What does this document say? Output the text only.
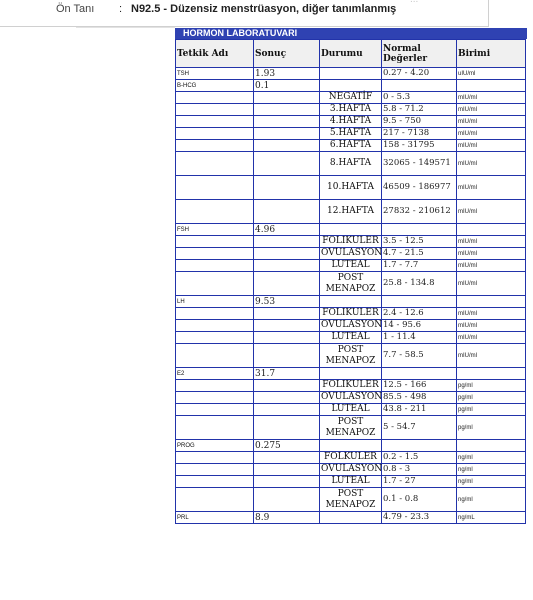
Ön Tanı : N92.5 - Düzensiz menstrüasyon, diğer tanımlanmış
HORMON LABORATUVARI
Tetkik Adı	Sonuç	Durumu	Normal Değerler	Birimi
TSH	1.93		0.27 - 4.20	uIU/ml
B-HCG	0.1			
		NEGATİF	0 - 5.3	mIU/ml
		3.HAFTA	5.8 - 71.2	mIU/ml
		4.HAFTA	9.5 - 750	mIU/ml
		5.HAFTA	217 - 7138	mIU/ml
		6.HAFTA	158 - 31795	mIU/ml
		8.HAFTA	32065 - 149571	mIU/ml
		10.HAFTA	46509 - 186977	mIU/ml
		12.HAFTA	27832 - 210612	mIU/ml
FSH	4.96			
		FOLIKULER	3.5 - 12.5	mIU/ml
		OVULASYON	4.7 - 21.5	mIU/ml
		LUTEAL	1.7 - 7.7	mIU/ml
		POST MENAPOZ	25.8 - 134.8	mIU/ml
LH	9.53			
		FOLIKULER	2.4 - 12.6	mIU/ml
		OVULASYON	14 - 95.6	mIU/ml
		LUTEAL	1 - 11.4	mIU/ml
		POST MENAPOZ	7.7 - 58.5	mIU/ml
E2	31.7			
		FOLIKULER	12.5 - 166	pg/ml
		OVULASYON	85.5 - 498	pg/ml
		LUTEAL	43.8 - 211	pg/ml
		POST MENAPOZ	5 - 54.7	pg/ml
PROG	0.275			
		FOLKULER	0.2 - 1.5	ng/ml
		OVULASYON	0.8 - 3	ng/ml
		LUTEAL	1.7 - 27	ng/ml
		POST MENAPOZ	0.1 - 0.8	ng/ml
PRL	8.9		4.79 - 23.3	ng/mL
